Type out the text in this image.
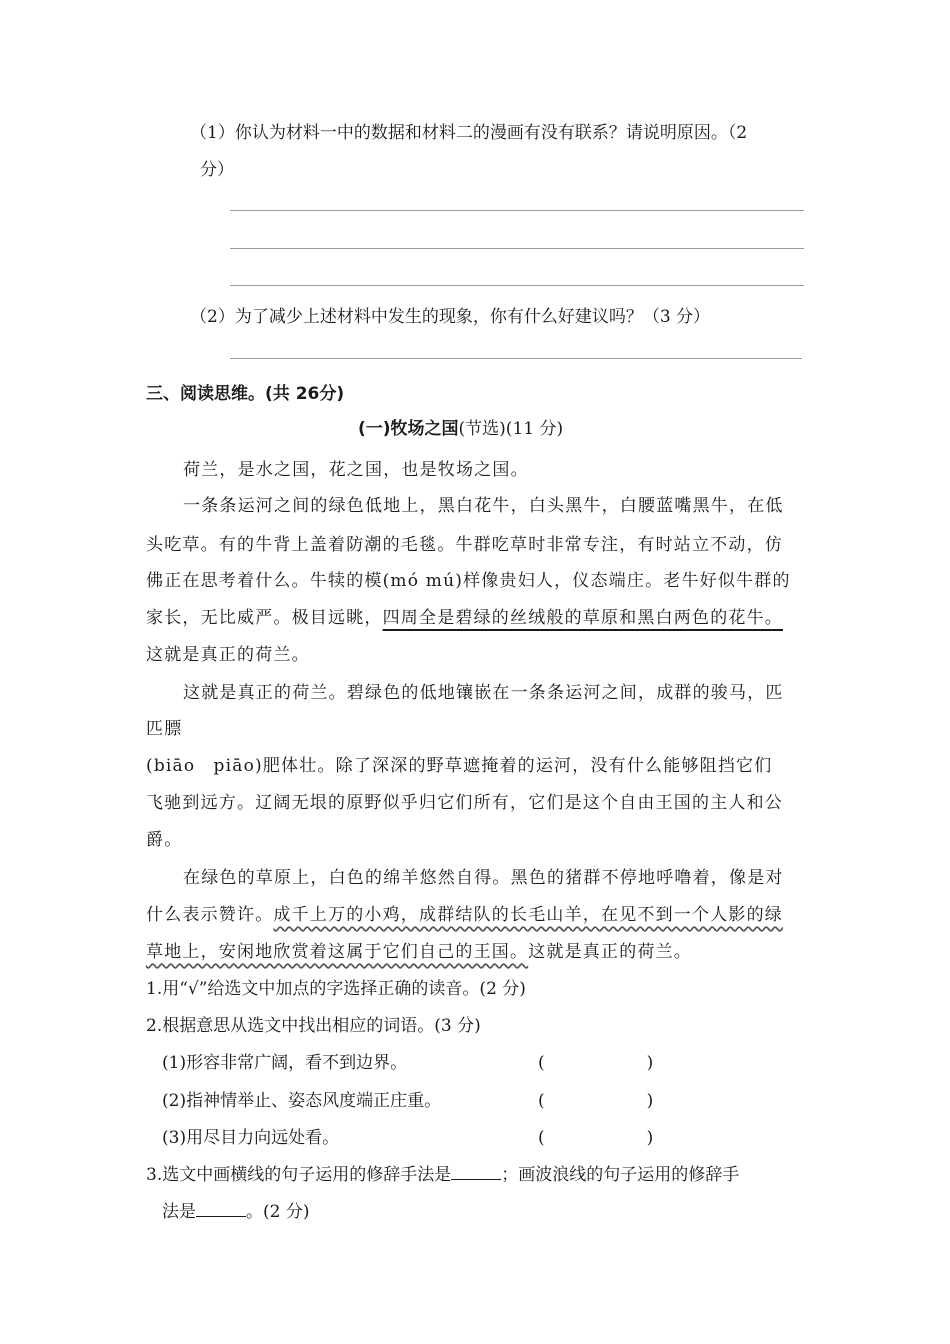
（1）你认为材料一中的数据和材料二的漫画有没有联系？请说明原因。（2
分）
（2）为了减少上述材料中发生的现象，你有什么好建议吗？（3 分）
三、阅读思维。(共 26分)
(一)牧场之国(节选)(11 分)
荷兰，是水之国，花之国，也是牧场之国。
一条条运河之间的绿色低地上，黑白花牛，白头黑牛，白腰蓝嘴黑牛，在低
头吃草。有的牛背上盖着防潮的毛毯。牛群吃草时非常专注，有时站立不动，仿
佛正在思考着什么。牛犊的模(mó mú)样像贵妇人，仪态端庄。老牛好似牛群的
家长，无比威严。极目远眺，四周全是碧绿的丝绒般的草原和黑白两色的花牛。
这就是真正的荷兰。
这就是真正的荷兰。碧绿色的低地镶嵌在一条条运河之间，成群的骏马，匹
匹膘
(biāo　piāo)肥体壮。除了深深的野草遮掩着的运河，没有什么能够阻挡它们
飞驰到远方。辽阔无垠的原野似乎归它们所有，它们是这个自由王国的主人和公
爵。
在绿色的草原上，白色的绵羊悠然自得。黑色的猪群不停地呼噜着，像是对
什么表示赞许。成千上万的小鸡，成群结队的长毛山羊，在见不到一个人影的绿
草地上，安闲地欣赏着这属于它们自己的王国。这就是真正的荷兰。
1.用“√”给选文中加点的字选择正确的读音。(2 分)
2.根据意思从选文中找出相应的词语。(3 分)
(1)形容非常广阔，看不到边界。	(　　　　　　)
(2)指神情举止、姿态风度端正庄重。	(　　　　　　)
(3)用尽目力向远处看。	(　　　　　　)
3.选文中画横线的句子运用的修辞手法是	；画波浪线的句子运用的修辞手
法是	。(2 分)
